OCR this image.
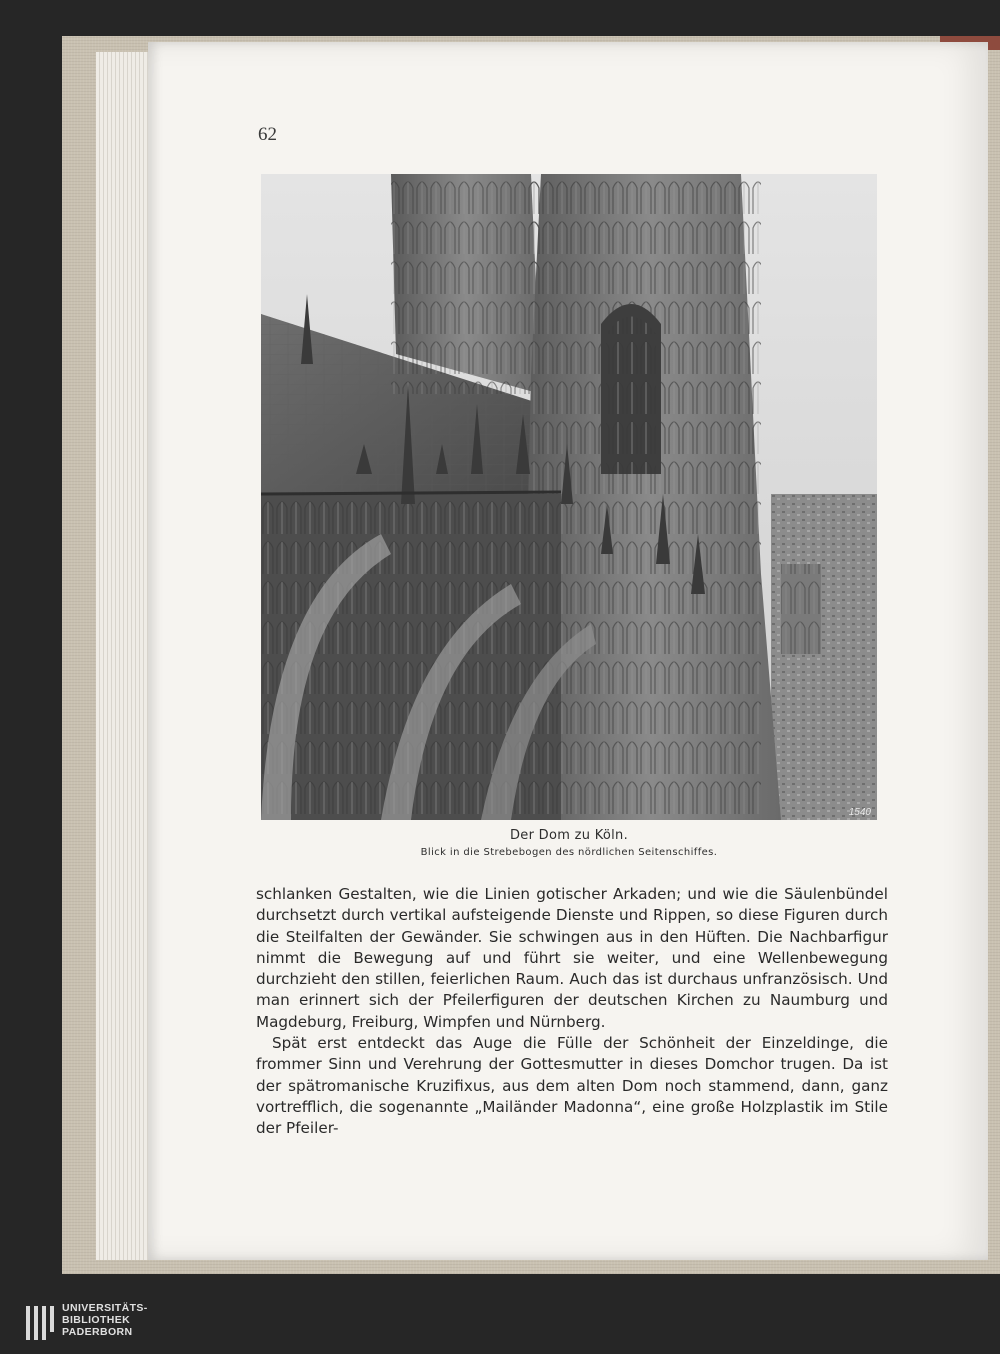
62
1540
Der Dom zu Köln.
Blick in die Strebebogen des nördlichen Seitenschiffes.

schlanken Gestalten, wie die Linien gotischer Arkaden; und wie die Säulenbündel durchsetzt durch vertikal aufsteigende Dienste und Rippen, so diese Figuren durch die Steilfalten der Gewänder. Sie schwingen aus in den Hüften. Die Nachbarfigur nimmt die Bewegung auf und führt sie weiter, und eine Wellenbewegung durchzieht den stillen, feierlichen Raum. Auch das ist durchaus unfranzösisch. Und man erinnert sich der Pfeilerfiguren der deutschen Kirchen zu Naumburg und Magdeburg, Freiburg, Wimpfen und Nürnberg.

Spät erst entdeckt das Auge die Fülle der Schönheit der Einzeldinge, die frommer Sinn und Verehrung der Gottesmutter in dieses Domchor trugen. Da ist der spätromanische Kruzifixus, aus dem alten Dom noch stammend, dann, ganz vortrefflich, die sogenannte „Mailänder Madonna“, eine große Holzplastik im Stile der Pfeiler-

UNIVERSITÄTS-
BIBLIOTHEK
PADERBORN
